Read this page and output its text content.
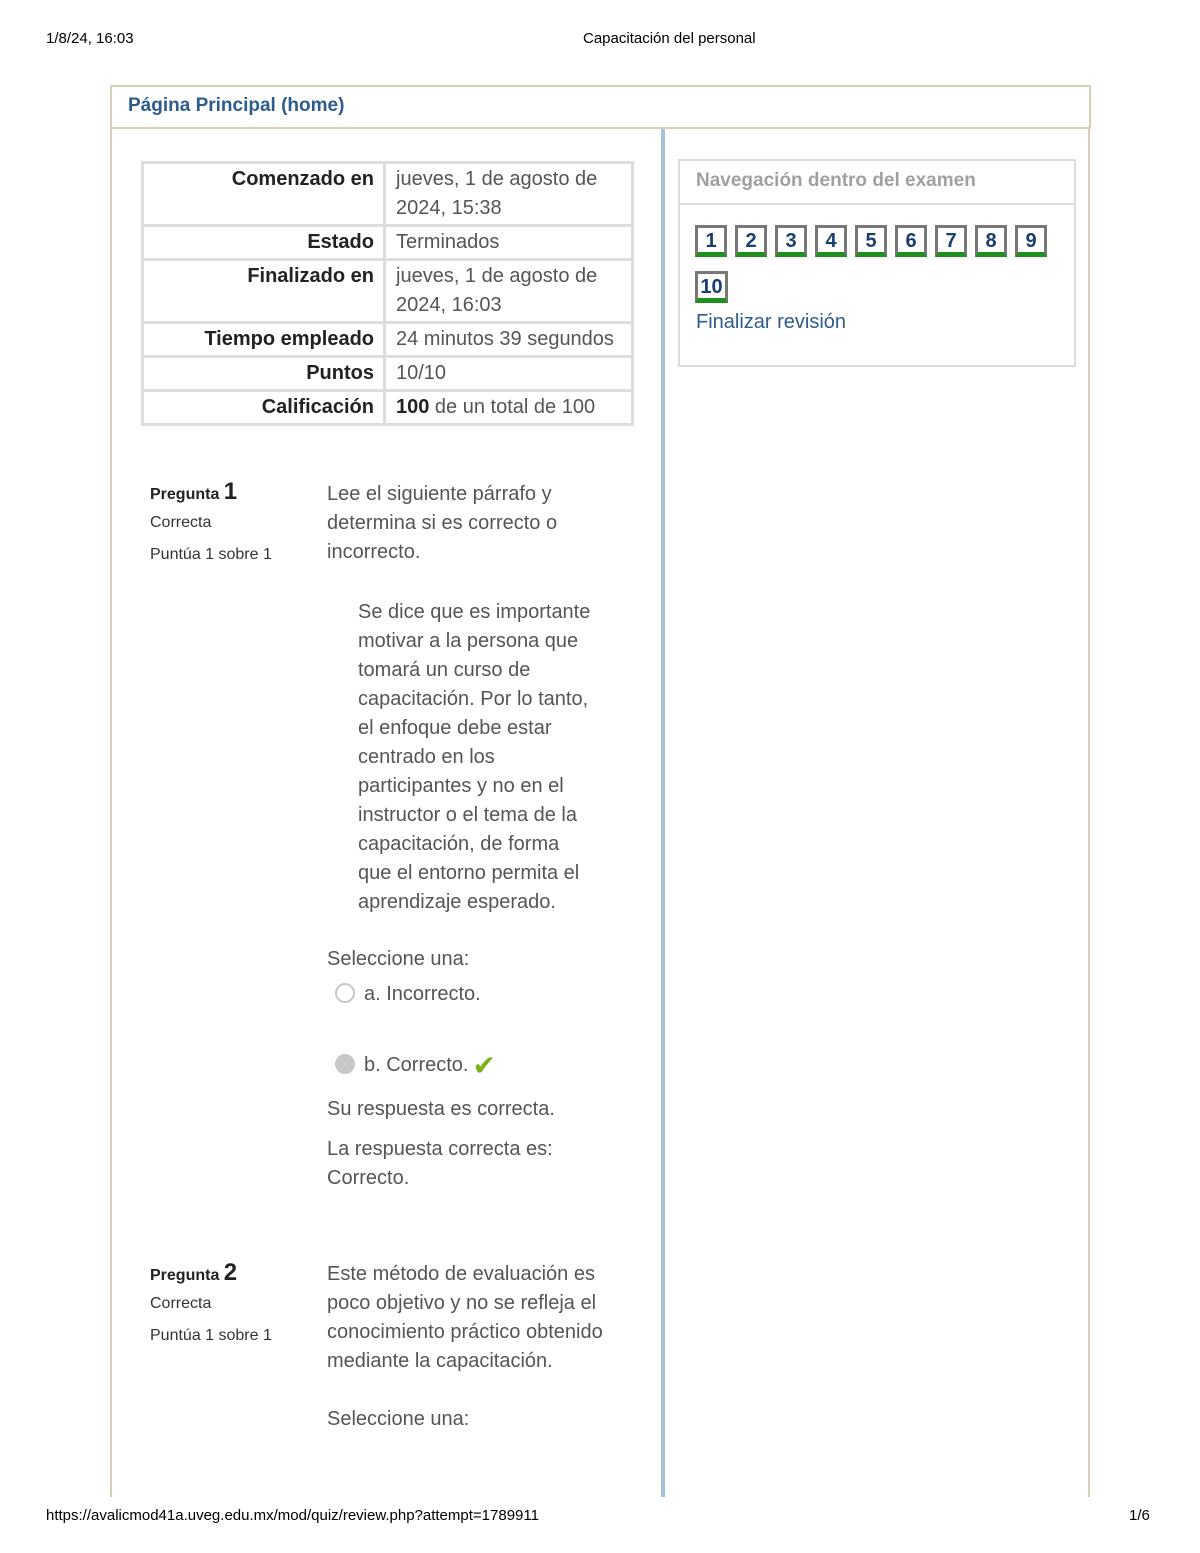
1/8/24, 16:03	Capacitación del personal
https://avalicmod41a.uveg.edu.mx/mod/quiz/review.php?attempt=1789911	1/6
Página Principal (home)
Comenzado en	jueves, 1 de agosto de 2024, 15:38
Estado	Terminados
Finalizado en	jueves, 1 de agosto de 2024, 16:03
Tiempo empleado	24 minutos 39 segundos
Puntos	10/10
Calificación	100 de un total de 100
Pregunta 1
Correcta
Puntúa 1 sobre 1
Lee el siguiente párrafo y determina si es correcto o incorrecto.
Se dice que es importante motivar a la persona que tomará un curso de capacitación. Por lo tanto, el enfoque debe estar centrado en los participantes y no en el instructor o el tema de la capacitación, de forma que el entorno permita el aprendizaje esperado.
Seleccione una:
a. Incorrecto.
b. Correcto. ✔
Su respuesta es correcta.
La respuesta correcta es: Correcto.
Pregunta 2
Correcta
Puntúa 1 sobre 1
Este método de evaluación es poco objetivo y no se refleja el conocimiento práctico obtenido mediante la capacitación.
Seleccione una:
Navegación dentro del examen
1	2	3	4	5	6	7	8	9
10
Finalizar revisión
